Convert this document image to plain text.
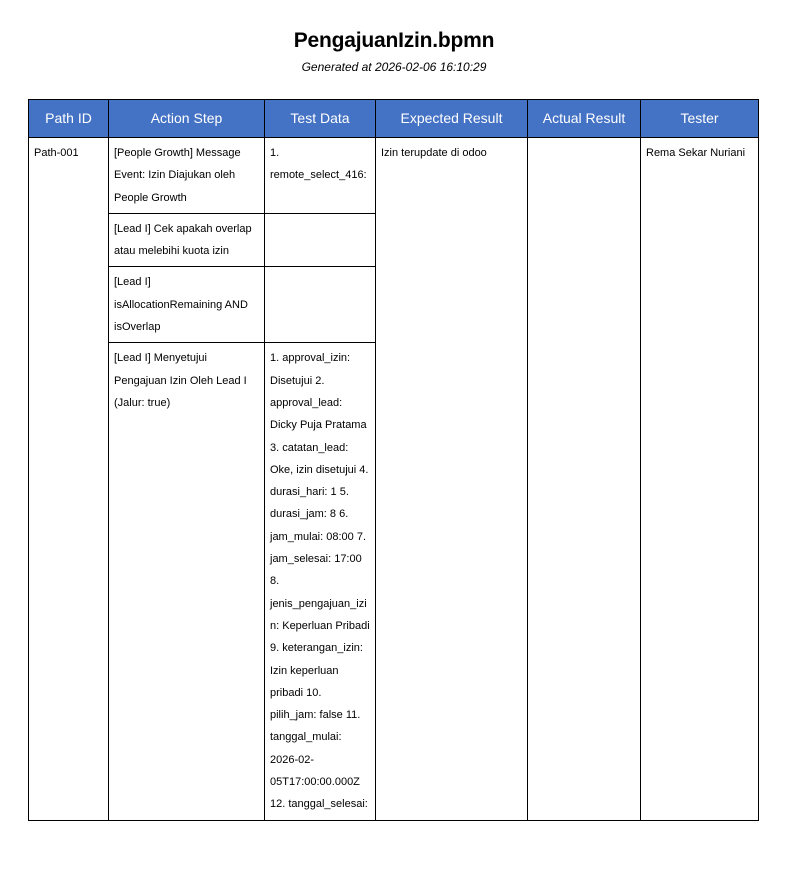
PengajuanIzin.bpmn
Generated at 2026-02-06 16:10:29
Path ID	Action Step	Test Data	Expected Result	Actual Result	Tester
Path-001	[People Growth] Message Event: Izin Diajukan oleh People Growth	1. remote_select_416:	Izin terupdate di odoo		Rema Sekar Nuriani
	[Lead I] Cek apakah overlap atau melebihi kuota izin				
	[Lead I] isAllocationRemaining AND isOverlap				
	[Lead I] Menyetujui Pengajuan Izin Oleh Lead I (Jalur: true)	1. approval_izin: Disetujui 2. approval_lead: Dicky Puja Pratama 3. catatan_lead: Oke, izin disetujui 4. durasi_hari: 1 5. durasi_jam: 8 6. jam_mulai: 08:00 7. jam_selesai: 17:00 8. jenis_pengajuan_izin: Keperluan Pribadi 9. keterangan_izin: Izin keperluan pribadi 10. pilih_jam: false 11. tanggal_mulai: 2026-02-05T17:00:00.000Z 12. tanggal_selesai:			
